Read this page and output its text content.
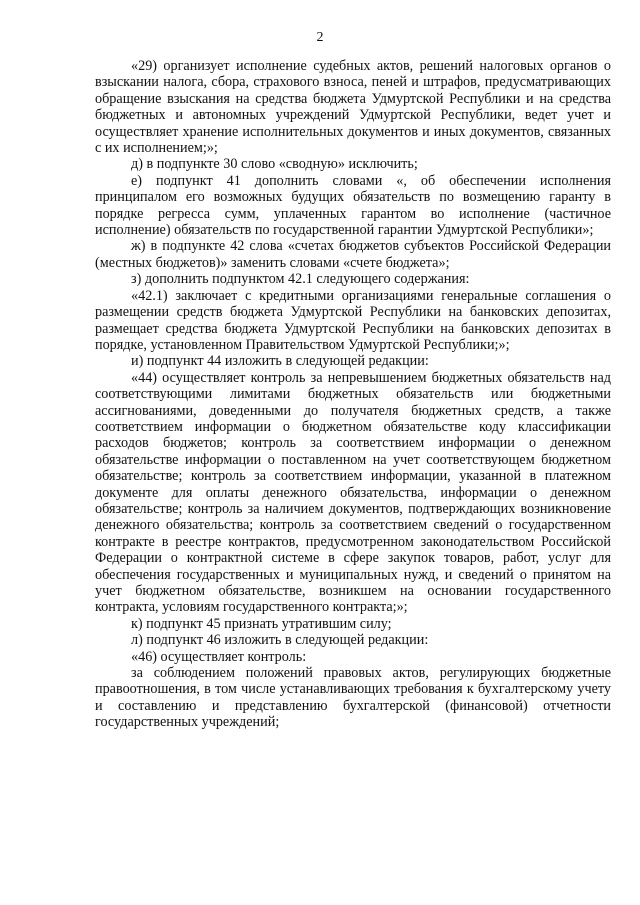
2

«29) организует исполнение судебных актов, решений налоговых органов о взыскании налога, сбора, страхового взноса, пеней и штрафов, предусматривающих обращение взыскания на средства бюджета Удмуртской Республики и на средства бюджетных и автономных учреждений Удмуртской Республики, ведет учет и осуществляет хранение исполнительных документов и иных документов, связанных с их исполнением;»;

д) в подпункте 30 слово «сводную» исключить;

е) подпункт 41 дополнить словами «, об обеспечении исполнения принципалом его возможных будущих обязательств по возмещению гаранту в порядке регресса сумм, уплаченных гарантом во исполнение (частичное исполнение) обязательств по государственной гарантии Удмуртской Республики»;

ж) в подпункте 42 слова «счетах бюджетов субъектов Российской Федерации (местных бюджетов)» заменить словами «счете бюджета»;

з) дополнить подпунктом 42.1 следующего содержания:

«42.1) заключает с кредитными организациями генеральные соглашения о размещении средств бюджета Удмуртской Республики на банковских депозитах, размещает средства бюджета Удмуртской Республики на банковских депозитах в порядке, установленном Правительством Удмуртской Республики;»;

и) подпункт 44 изложить в следующей редакции:

«44) осуществляет контроль за непревышением бюджетных обязательств над соответствующими лимитами бюджетных обязательств или бюджетными ассигнованиями, доведенными до получателя бюджетных средств, а также соответствием информации о бюджетном обязательстве коду классификации расходов бюджетов; контроль за соответствием информации о денежном обязательстве информации о поставленном на учет соответствующем бюджетном обязательстве; контроль за соответствием информации, указанной в платежном документе для оплаты денежного обязательства, информации о денежном обязательстве; контроль за наличием документов, подтверждающих возникновение денежного обязательства; контроль за соответствием сведений о государственном контракте в реестре контрактов, предусмотренном законодательством Российской Федерации о контрактной системе в сфере закупок товаров, работ, услуг для обеспечения государственных и муниципальных нужд, и сведений о принятом на учет бюджетном обязательстве, возникшем на основании государственного контракта, условиям государственного контракта;»;

к) подпункт 45 признать утратившим силу;

л) подпункт 46 изложить в следующей редакции:

«46) осуществляет контроль:

за соблюдением положений правовых актов, регулирующих бюджетные правоотношения, в том числе устанавливающих требования к бухгалтерскому учету и составлению и представлению бухгалтерской (финансовой) отчетности государственных учреждений;
